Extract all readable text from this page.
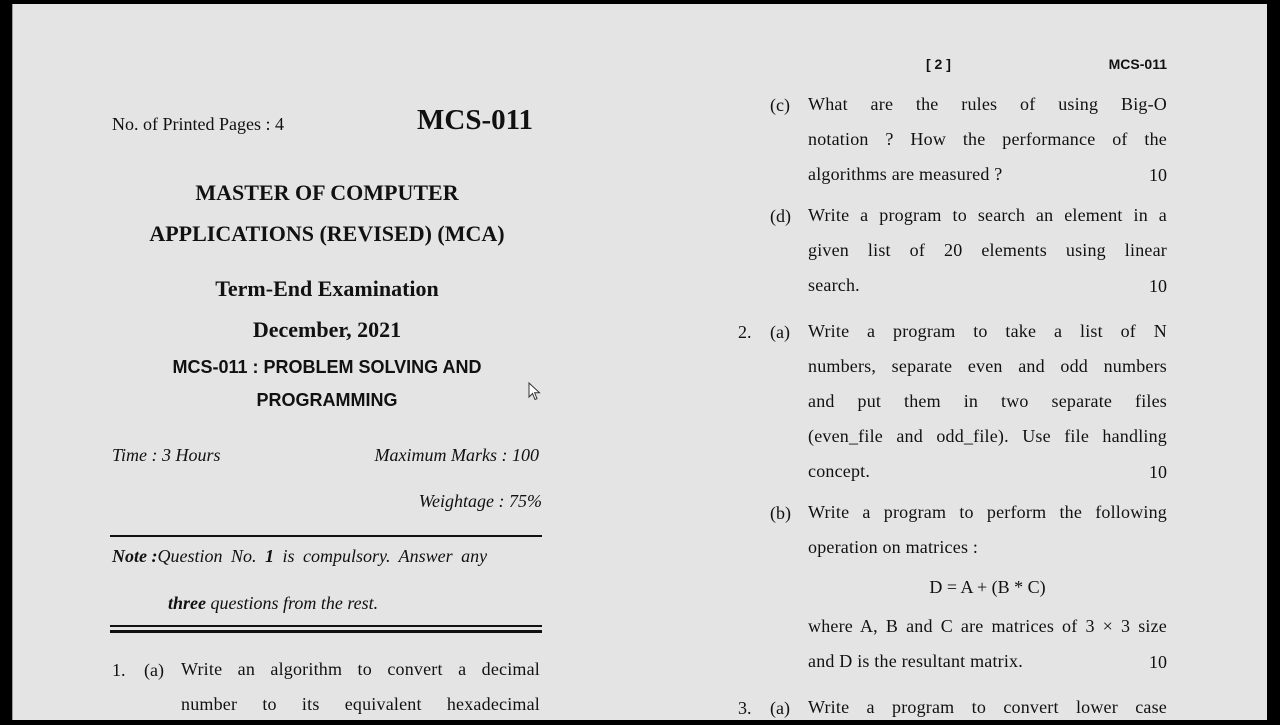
No. of Printed Pages : 4	MCS-011
MASTER OF COMPUTER
APPLICATIONS (REVISED) (MCA)
Term-End Examination
December, 2021
MCS-011 : PROBLEM SOLVING AND
PROGRAMMING
Time : 3 Hours	Maximum Marks : 100
Weightage : 75%
Note :Question No. 1 is compulsory. Answer any
three questions from the rest.
1. (a) Write an algorithm to convert a decimal
number to its equivalent hexadecimal
[ 2 ]	MCS-011
(c) What are the rules of using Big-O
notation ? How the performance of the
algorithms are measured ?	10
(d) Write a program to search an element in a
given list of 20 elements using linear
search.	10
2. (a) Write a program to take a list of N
numbers, separate even and odd numbers
and put them in two separate files
(even_file and odd_file). Use file handling
concept.	10
(b) Write a program to perform the following
operation on matrices :
D = A + (B * C)
where A, B and C are matrices of 3 × 3 size
and D is the resultant matrix.	10
3. (a) Write a program to convert lower case
